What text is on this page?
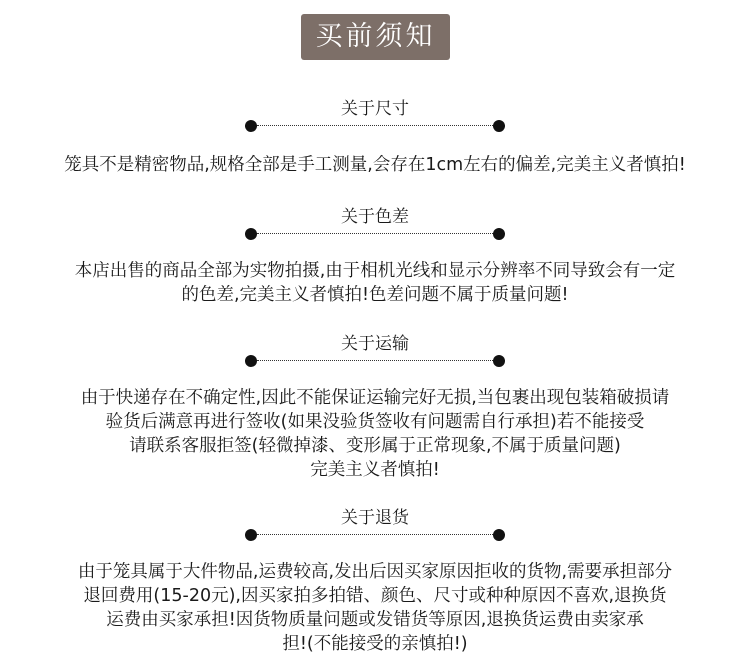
买前须知
关于尺寸
笼具不是精密物品,规格全部是手工测量,会存在1cm左右的偏差,完美主义者慎拍!
关于色差
本店出售的商品全部为实物拍摄,由于相机光线和显示分辨率不同导致会有一定
的色差,完美主义者慎拍!色差问题不属于质量问题!
关于运输
由于快递存在不确定性,因此不能保证运输完好无损,当包裹出现包装箱破损请
验货后满意再进行签收(如果没验货签收有问题需自行承担)若不能接受
请联系客服拒签(轻微掉漆、变形属于正常现象,不属于质量问题)
完美主义者慎拍!
关于退货
由于笼具属于大件物品,运费较高,发出后因买家原因拒收的货物,需要承担部分
退回费用(15-20元),因买家拍多拍错、颜色、尺寸或种种原因不喜欢,退换货
运费由买家承担!因货物质量问题或发错货等原因,退换货运费由卖家承
担!(不能接受的亲慎拍!)
